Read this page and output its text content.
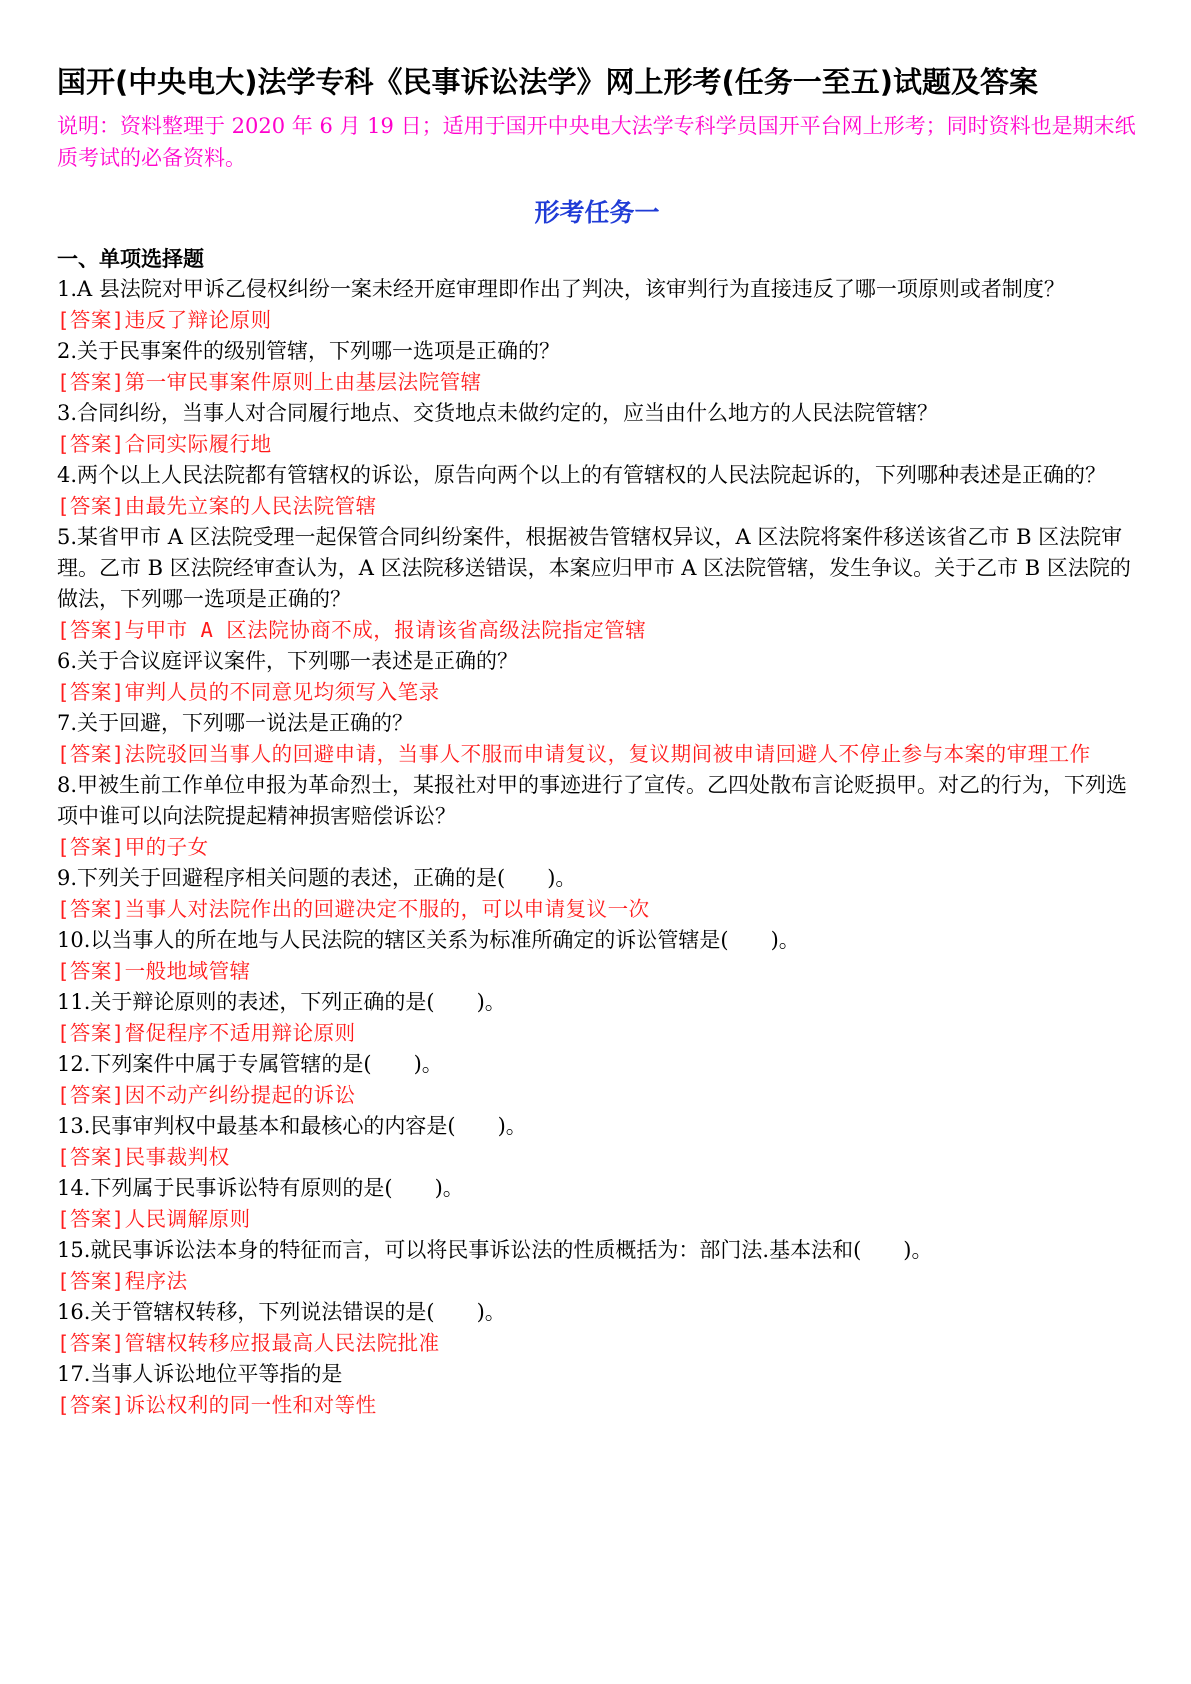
国开(中央电大)法学专科《民事诉讼法学》网上形考(任务一至五)试题及答案

说明：资料整理于 2020 年 6 月 19 日；适用于国开中央电大法学专科学员国开平台网上形考；同时资料也是期末纸质考试的必备资料。

形考任务一
一、单项选择题

1.A 县法院对甲诉乙侵权纠纷一案未经开庭审理即作出了判决，该审判行为直接违反了哪一项原则或者制度？

[答案]违反了辩论原则

2.关于民事案件的级别管辖，下列哪一选项是正确的？

[答案]第一审民事案件原则上由基层法院管辖

3.合同纠纷，当事人对合同履行地点、交货地点未做约定的，应当由什么地方的人民法院管辖？

[答案]合同实际履行地

4.两个以上人民法院都有管辖权的诉讼，原告向两个以上的有管辖权的人民法院起诉的，下列哪种表述是正确的？

[答案]由最先立案的人民法院管辖

5.某省甲市 A 区法院受理一起保管合同纠纷案件，根据被告管辖权异议，A 区法院将案件移送该省乙市 B 区法院审理。乙市 B 区法院经审查认为，A 区法院移送错误，本案应归甲市 A 区法院管辖，发生争议。关于乙市 B 区法院的做法，下列哪一选项是正确的？

[答案]与甲市 A 区法院协商不成，报请该省高级法院指定管辖

6.关于合议庭评议案件，下列哪一表述是正确的？

[答案]审判人员的不同意见均须写入笔录

7.关于回避，下列哪一说法是正确的？

[答案]法院驳回当事人的回避申请，当事人不服而申请复议，复议期间被申请回避人不停止参与本案的审理工作

8.甲被生前工作单位申报为革命烈士，某报社对甲的事迹进行了宣传。乙四处散布言论贬损甲。对乙的行为，下列选项中谁可以向法院提起精神损害赔偿诉讼？

[答案]甲的子女

9.下列关于回避程序相关问题的表述，正确的是(　　)。

[答案]当事人对法院作出的回避决定不服的，可以申请复议一次

10.以当事人的所在地与人民法院的辖区关系为标准所确定的诉讼管辖是(　　)。

[答案]一般地域管辖

11.关于辩论原则的表述，下列正确的是(　　)。

[答案]督促程序不适用辩论原则

12.下列案件中属于专属管辖的是(　　)。

[答案]因不动产纠纷提起的诉讼

13.民事审判权中最基本和最核心的内容是(　　)。

[答案]民事裁判权

14.下列属于民事诉讼特有原则的是(　　)。

[答案]人民调解原则

15.就民事诉讼法本身的特征而言，可以将民事诉讼法的性质概括为：部门法.基本法和(　　)。

[答案]程序法

16.关于管辖权转移，下列说法错误的是(　　)。

[答案]管辖权转移应报最高人民法院批准

17.当事人诉讼地位平等指的是

[答案]诉讼权利的同一性和对等性
